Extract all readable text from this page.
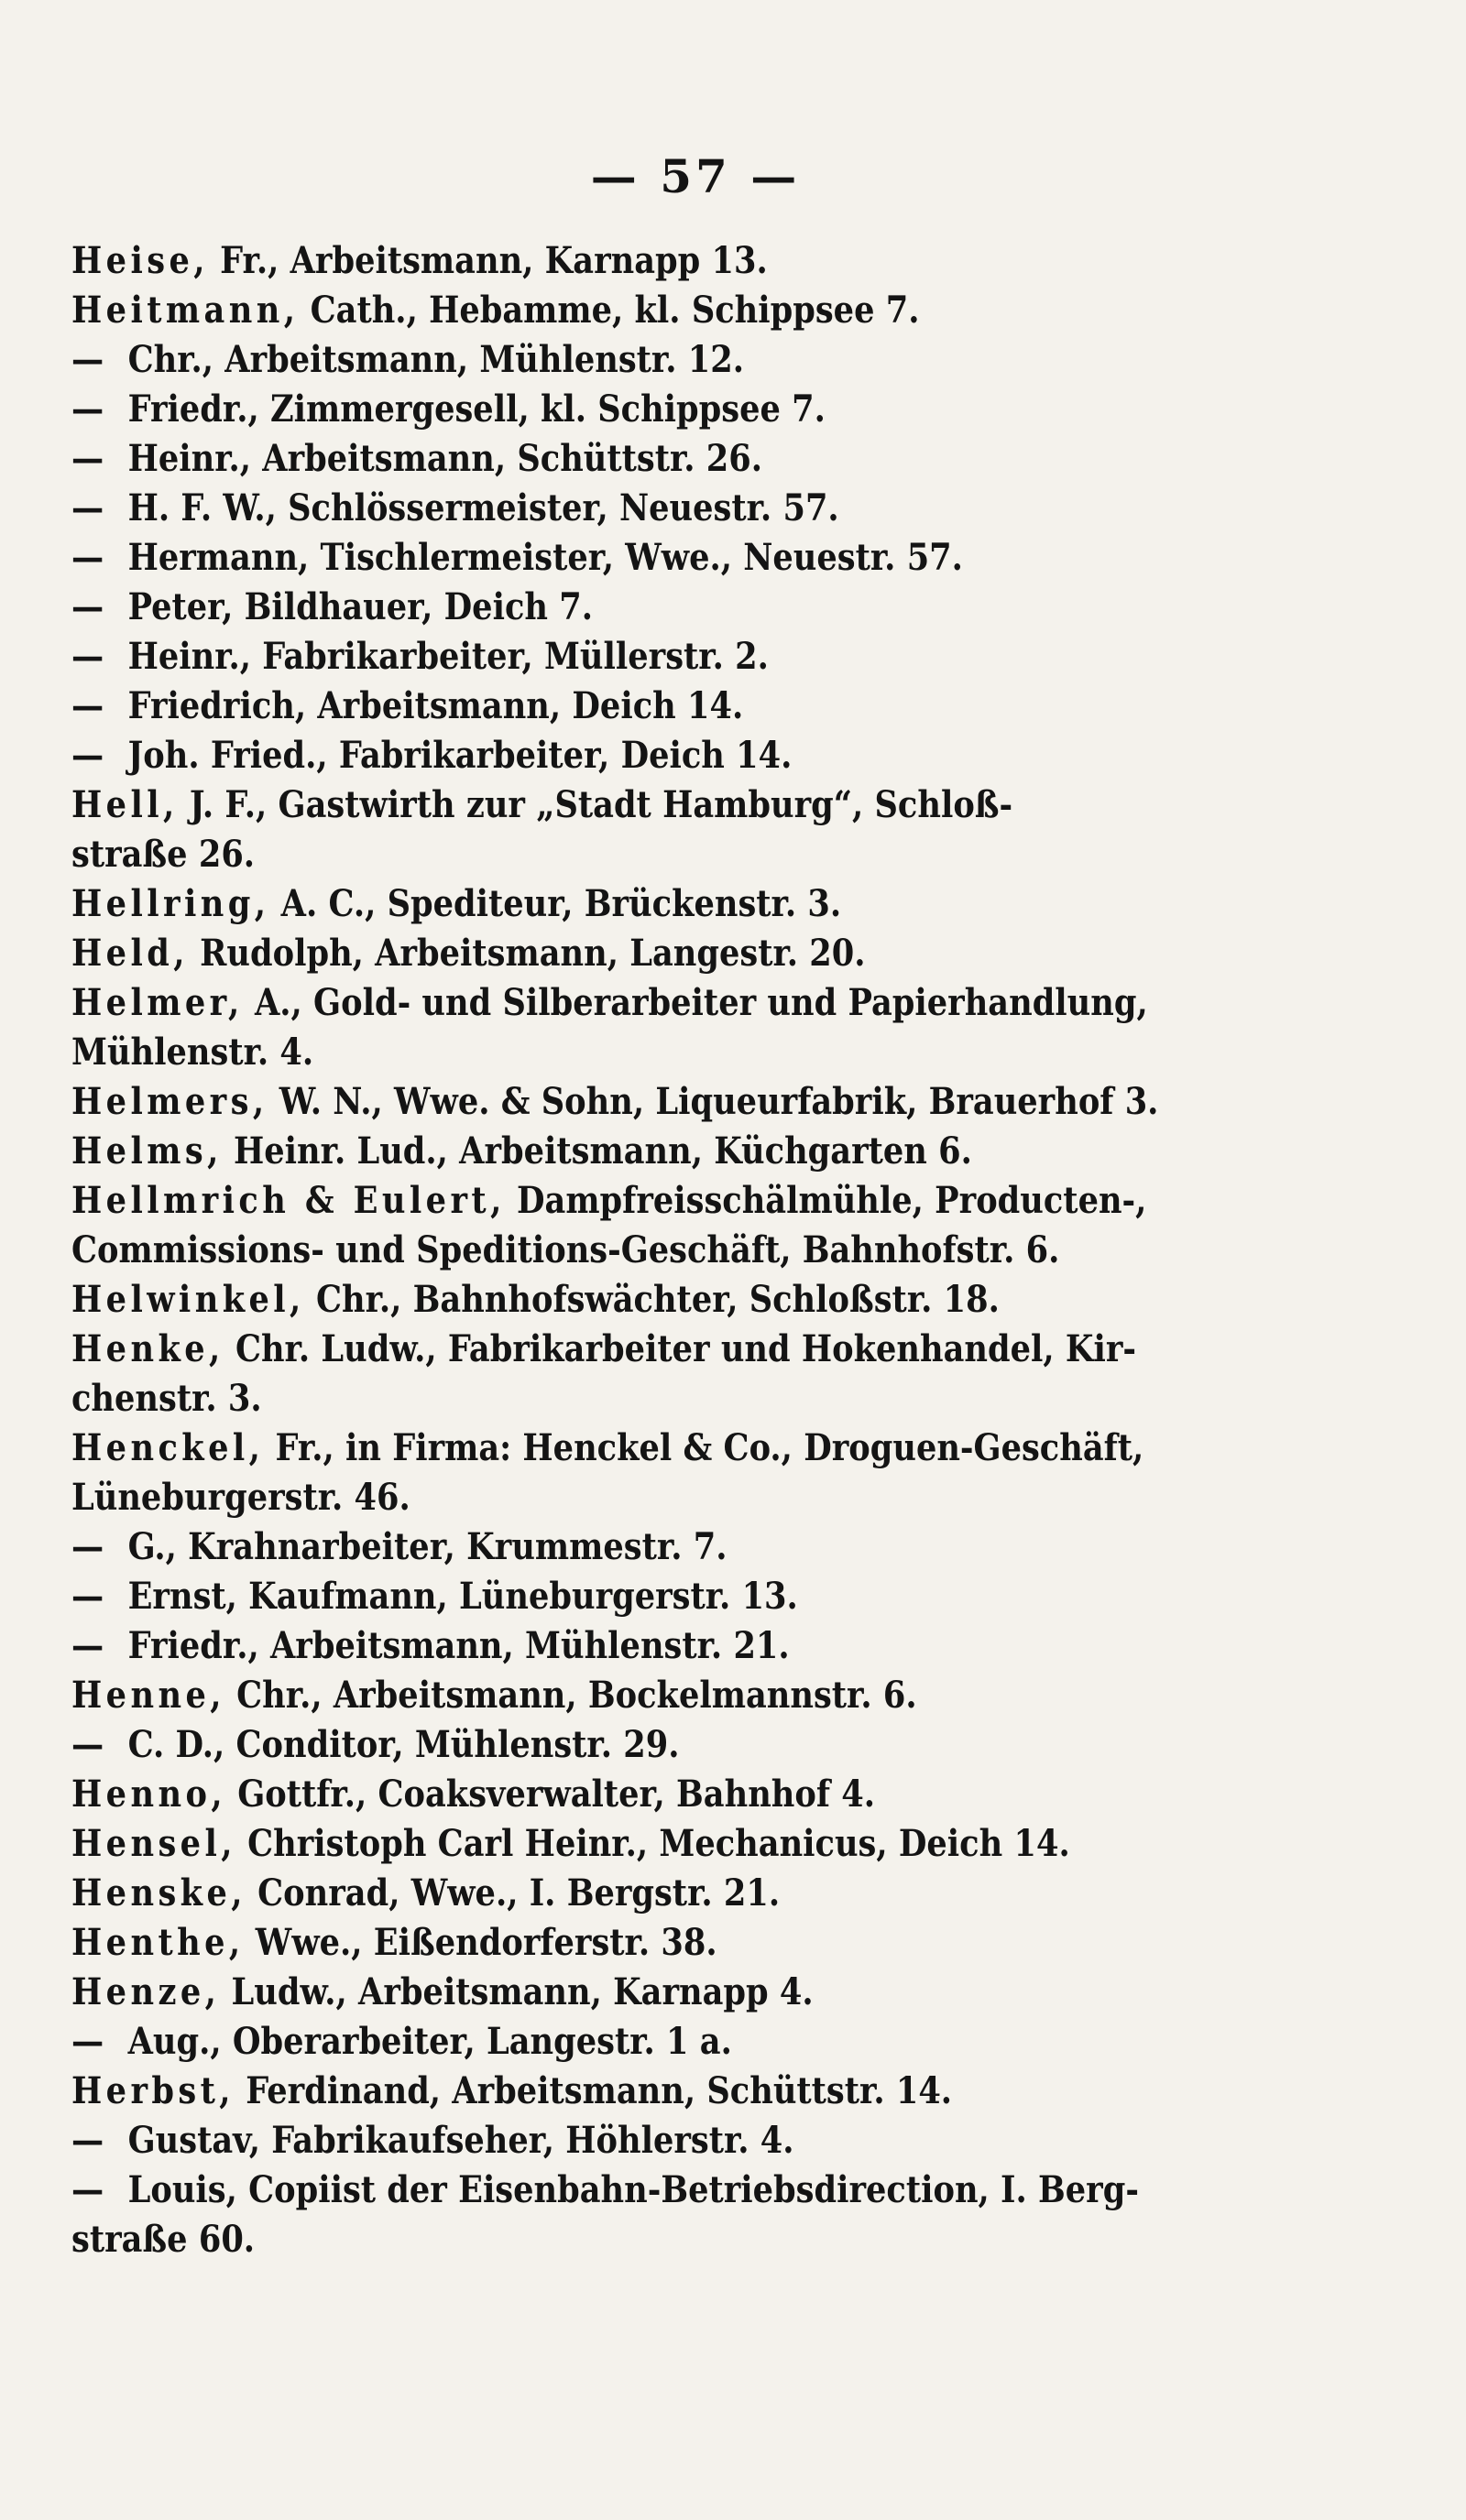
— 57 —
Heise, Fr., Arbeitsmann, Karnapp 13.
Heitmann, Cath., Hebamme, kl. Schippsee 7.
— Chr., Arbeitsmann, Mühlenstr. 12.
— Friedr., Zimmergesell, kl. Schippsee 7.
— Heinr., Arbeitsmann, Schüttstr. 26.
— H. F. W., Schlössermeister, Neuestr. 57.
— Hermann, Tischlermeister, Wwe., Neuestr. 57.
— Peter, Bildhauer, Deich 7.
— Heinr., Fabrikarbeiter, Müllerstr. 2.
— Friedrich, Arbeitsmann, Deich 14.
— Joh. Fried., Fabrikarbeiter, Deich 14.
Hell, J. F., Gastwirth zur „Stadt Hamburg“, Schloß-
straße 26.
Hellring, A. C., Spediteur, Brückenstr. 3.
Held, Rudolph, Arbeitsmann, Langestr. 20.
Helmer, A., Gold- und Silberarbeiter und Papierhandlung,
Mühlenstr. 4.
Helmers, W. N., Wwe. & Sohn, Liqueurfabrik, Brauerhof 3.
Helms, Heinr. Lud., Arbeitsmann, Küchgarten 6.
Hellmrich & Eulert, Dampfreisschälmühle, Producten-,
Commissions- und Speditions-Geschäft, Bahnhofstr. 6.
Helwinkel, Chr., Bahnhofswächter, Schloßstr. 18.
Henke, Chr. Ludw., Fabrikarbeiter und Hokenhandel, Kir-
chenstr. 3.
Henckel, Fr., in Firma: Henckel & Co., Droguen-Geschäft,
Lüneburgerstr. 46.
— G., Krahnarbeiter, Krummestr. 7.
— Ernst, Kaufmann, Lüneburgerstr. 13.
— Friedr., Arbeitsmann, Mühlenstr. 21.
Henne, Chr., Arbeitsmann, Bockelmannstr. 6.
— C. D., Conditor, Mühlenstr. 29.
Henno, Gottfr., Coaksverwalter, Bahnhof 4.
Hensel, Christoph Carl Heinr., Mechanicus, Deich 14.
Henske, Conrad, Wwe., I. Bergstr. 21.
Henthe, Wwe., Eißendorferstr. 38.
Henze, Ludw., Arbeitsmann, Karnapp 4.
— Aug., Oberarbeiter, Langestr. 1 a.
Herbst, Ferdinand, Arbeitsmann, Schüttstr. 14.
— Gustav, Fabrikaufseher, Höhlerstr. 4.
— Louis, Copiist der Eisenbahn-Betriebsdirection, I. Berg-
straße 60.
